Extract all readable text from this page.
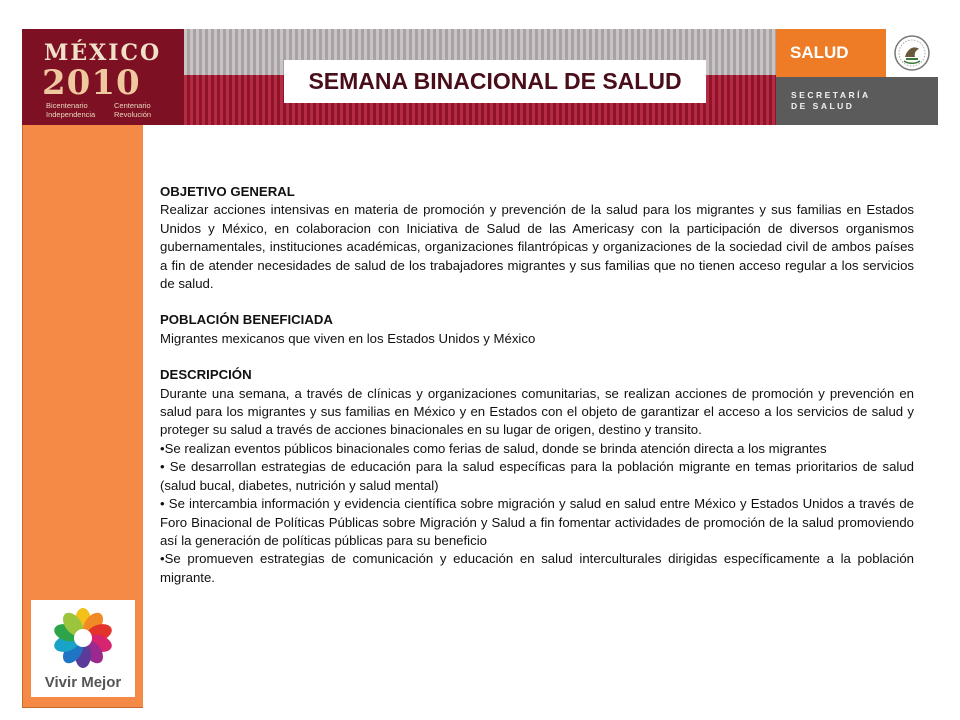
MÉXICO
2010
Bicentenario
Independencia
Centenario
Revolución
SALUD
SECRETARÍA
DE SALUD
SEMANA BINACIONAL DE SALUD
Vivir Mejor

OBJETIVO GENERAL

Realizar acciones intensivas en materia de promoción y prevención de la salud para los migrantes y sus familias en Estados Unidos y México, en colaboracion con Iniciativa de Salud de las Americasy con la participación de diversos organismos gubernamentales, instituciones académicas, organizaciones filantrópicas y organizaciones de la sociedad civil de ambos países a fin de atender necesidades de salud de los trabajadores migrantes y sus familias que no tienen acceso regular a los servicios de salud.

POBLACIÓN BENEFICIADA

Migrantes mexicanos que viven en los Estados Unidos y México

DESCRIPCIÓN

Durante una semana, a través de clínicas y organizaciones comunitarias, se realizan acciones de promoción y prevención en salud para los migrantes y sus familias en México y en Estados con el objeto de garantizar el acceso a los servicios de salud y proteger su salud a través de acciones binacionales en su lugar de origen, destino y transito.

•Se realizan eventos públicos binacionales como ferias de salud, donde se brinda atención directa a los migrantes

• Se desarrollan estrategias de educación para la salud específicas para la población migrante en temas prioritarios de salud (salud bucal, diabetes, nutrición y salud mental)

• Se intercambia información y evidencia científica sobre migración y salud en salud entre México y Estados Unidos a través de Foro Binacional de Políticas Públicas sobre Migración y Salud a fin fomentar actividades de promoción de la salud promoviendo así la generación de políticas públicas para su beneficio

•Se promueven estrategias de comunicación y educación en salud interculturales dirigidas específicamente a la población migrante.
